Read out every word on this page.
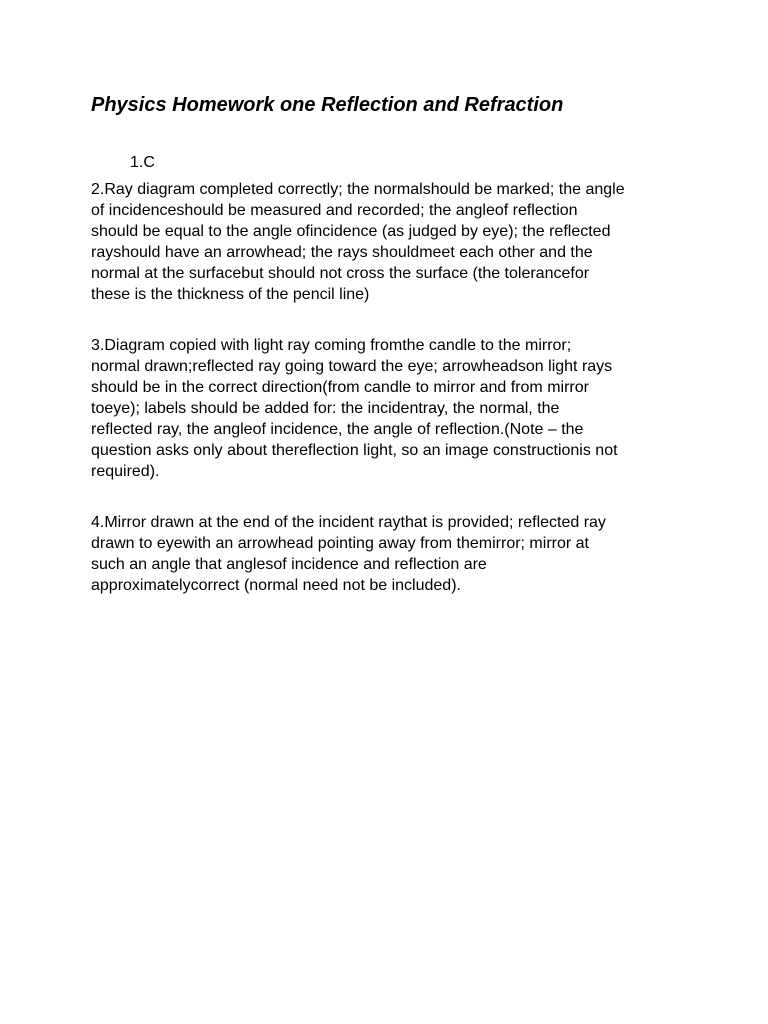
Physics Homework one Reflection and Refraction

1.C

2.Ray diagram completed correctly; the normalshould be marked; the angle
of incidenceshould be measured and recorded; the angleof reflection
should be equal to the angle ofincidence (as judged by eye); the reflected
rayshould have an arrowhead; the rays shouldmeet each other and the
normal at the surfacebut should not cross the surface (the tolerancefor
these is the thickness of the pencil line)

3.Diagram copied with light ray coming fromthe candle to the mirror;
normal drawn;reflected ray going toward the eye; arrowheadson light rays
should be in the correct direction(from candle to mirror and from mirror
toeye); labels should be added for: the incidentray, the normal, the
reflected ray, the angleof incidence, the angle of reflection.(Note – the
question asks only about thereflection light, so an image constructionis not
required).

4.Mirror drawn at the end of the incident raythat is provided; reflected ray
drawn to eyewith an arrowhead pointing away from themirror; mirror at
such an angle that anglesof incidence and reflection are
approximatelycorrect (normal need not be included).
